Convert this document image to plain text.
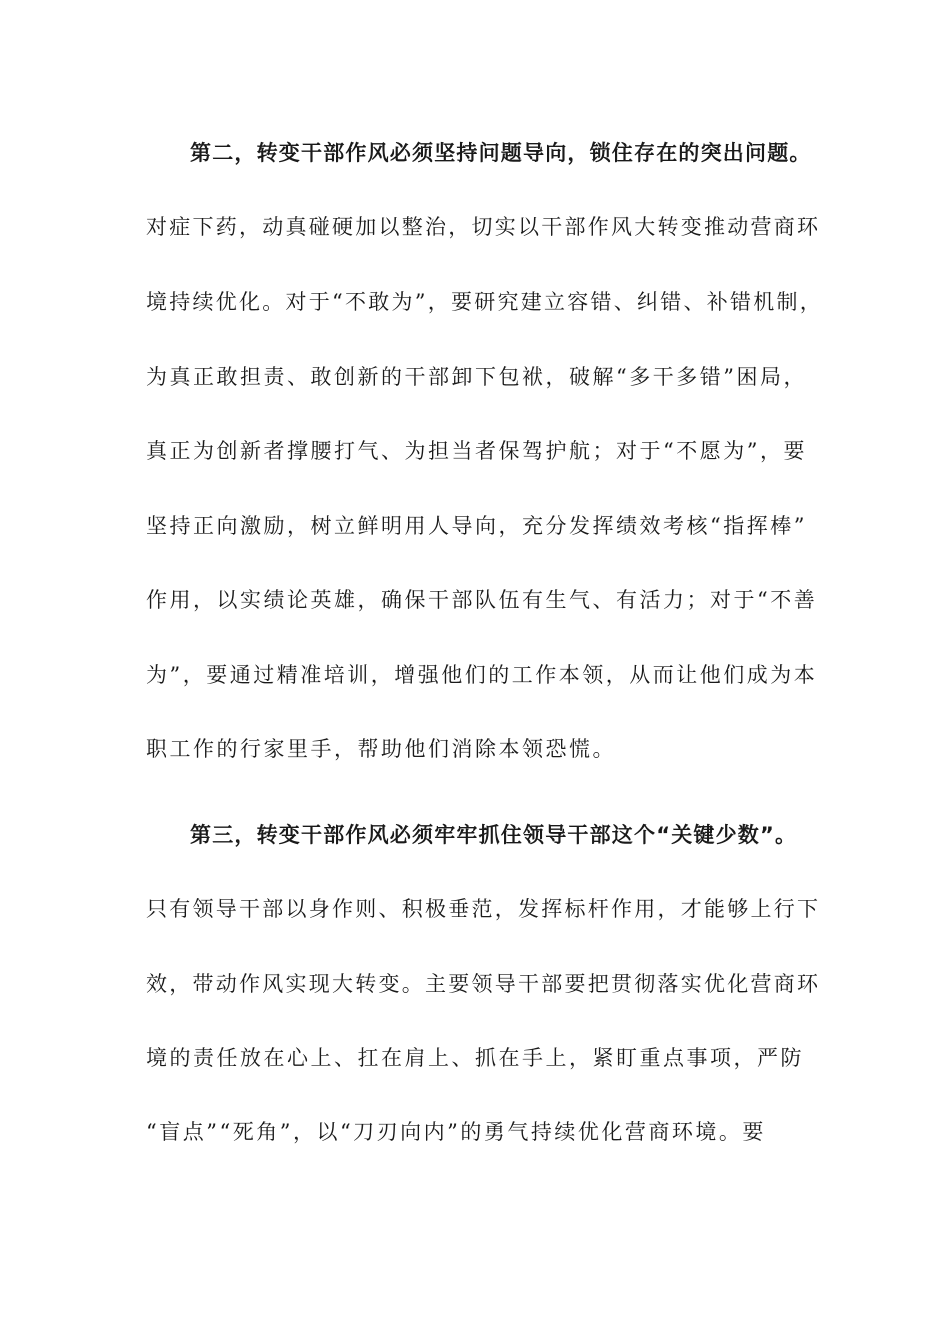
第二，转变干部作风必须坚持问题导向，锁住存在的突出问题。
对症下药，动真碰硬加以整治，切实以干部作风大转变推动营商环
境持续优化。对于“不敢为”，要研究建立容错、纠错、补错机制，
为真正敢担责、敢创新的干部卸下包袱，破解“多干多错”困局，
真正为创新者撑腰打气、为担当者保驾护航；对于“不愿为”，要
坚持正向激励，树立鲜明用人导向，充分发挥绩效考核“指挥棒”
作用，以实绩论英雄，确保干部队伍有生气、有活力；对于“不善
为”，要通过精准培训，增强他们的工作本领，从而让他们成为本
职工作的行家里手，帮助他们消除本领恐慌。
第三，转变干部作风必须牢牢抓住领导干部这个“关键少数”。
只有领导干部以身作则、积极垂范，发挥标杆作用，才能够上行下
效，带动作风实现大转变。主要领导干部要把贯彻落实优化营商环
境的责任放在心上、扛在肩上、抓在手上，紧盯重点事项，严防
“盲点”“死角”，以“刀刃向内”的勇气持续优化营商环境。要
